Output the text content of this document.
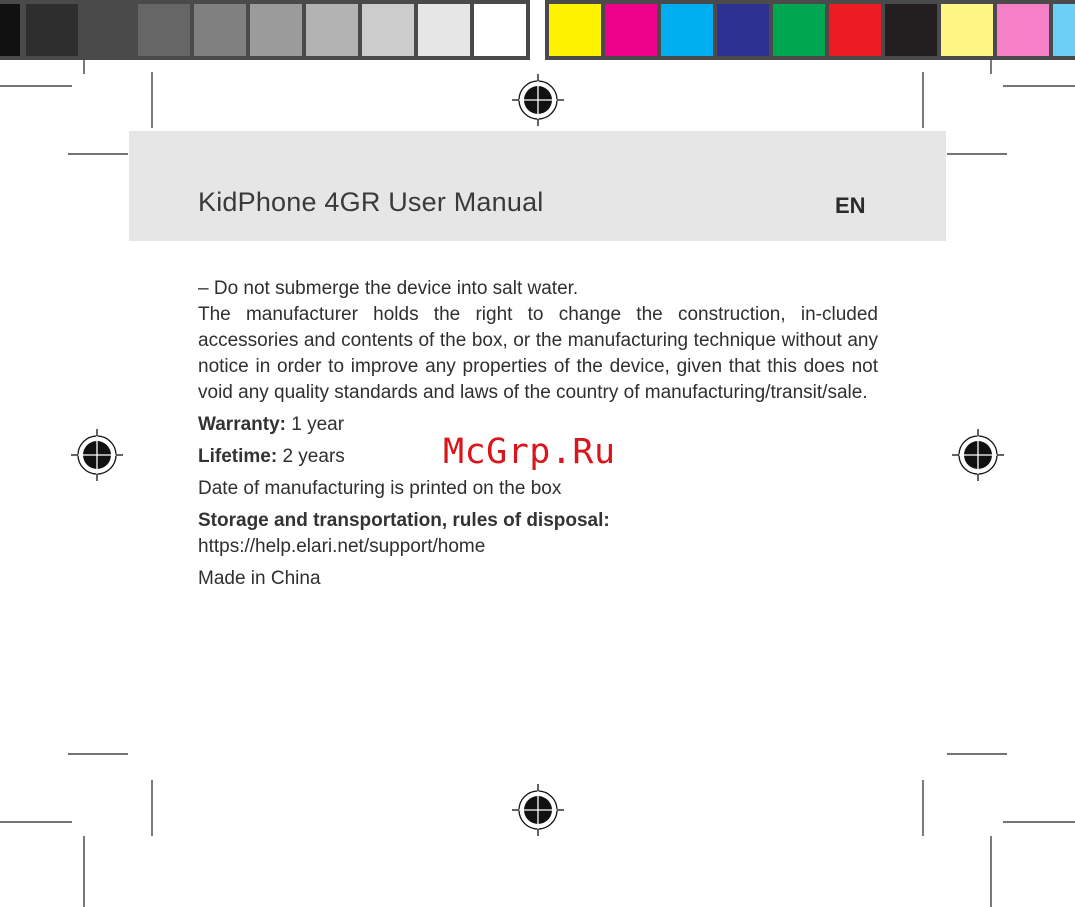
KidPhone 4GR User Manual	EN

– Do not submerge the device into salt water.

The manufacturer holds the right to change the construction, in-cluded accessories and contents of the box, or the manufacturing technique without any notice in order to improve any properties of the device, given that this does not void any quality standards and laws of the country of manufacturing/transit/sale.

Warranty: 1 year

Lifetime: 2 years

Date of manufacturing is printed on the box

Storage and transportation, rules of disposal:

https://help.elari.net/support/home

Made in China

McGrp.Ru
